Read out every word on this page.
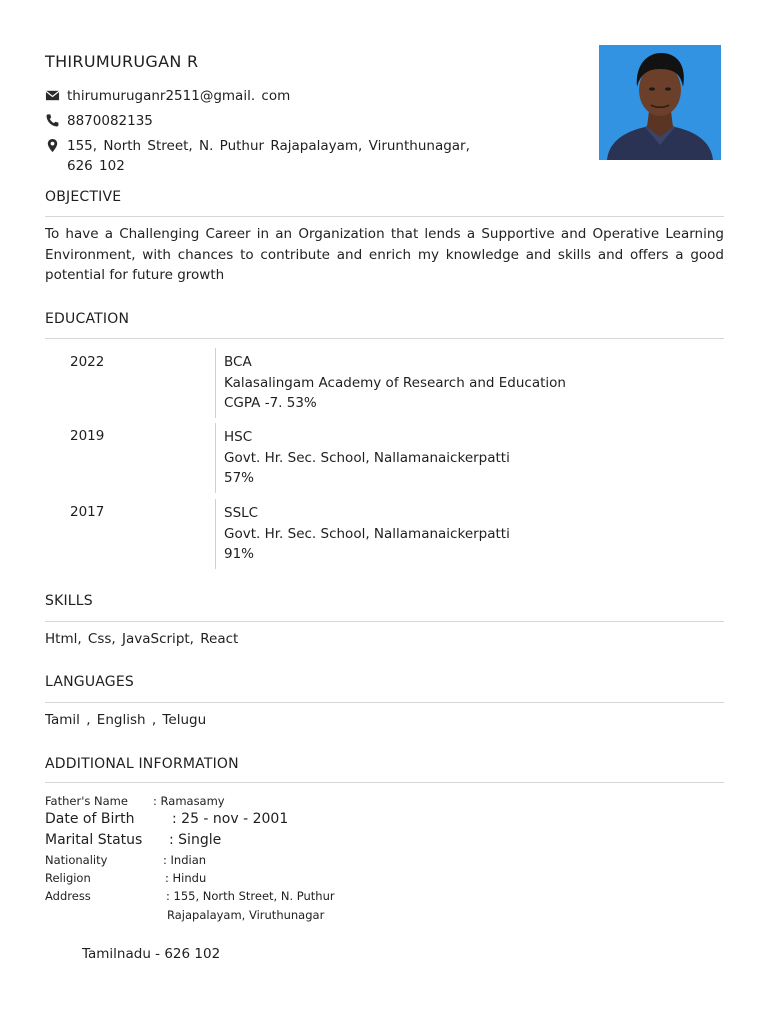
THIRUMURUGAN R
thirumuruganr2511@gmail. com
8870082135
155, North Street, N. Puthur Rajapalayam, Virunthunagar, 626 102
OBJECTIVE
To have a Challenging Career in an Organization that lends a Supportive and Operative Learning Environment, with chances to contribute and enrich my knowledge and skills and offers a good potential for future growth
EDUCATION
2022	BCA
Kalasalingam Academy of Research and Education
CGPA -7. 53%
2019	HSC
Govt. Hr. Sec. School, Nallamanaickerpatti
57%
2017	SSLC
Govt. Hr. Sec. School, Nallamanaickerpatti
91%
SKILLS
Html, Css, JavaScript, React
LANGUAGES
Tamil , English , Telugu
ADDITIONAL INFORMATION
Father's Name : Ramasamy
Date of Birth	: 25 - nov - 2001
Marital Status : Single
Nationality	: Indian
Religion	: Hindu
Address	: 155, North Street, N. Puthur
Rajapalayam, Viruthunagar
Tamilnadu - 626 102
